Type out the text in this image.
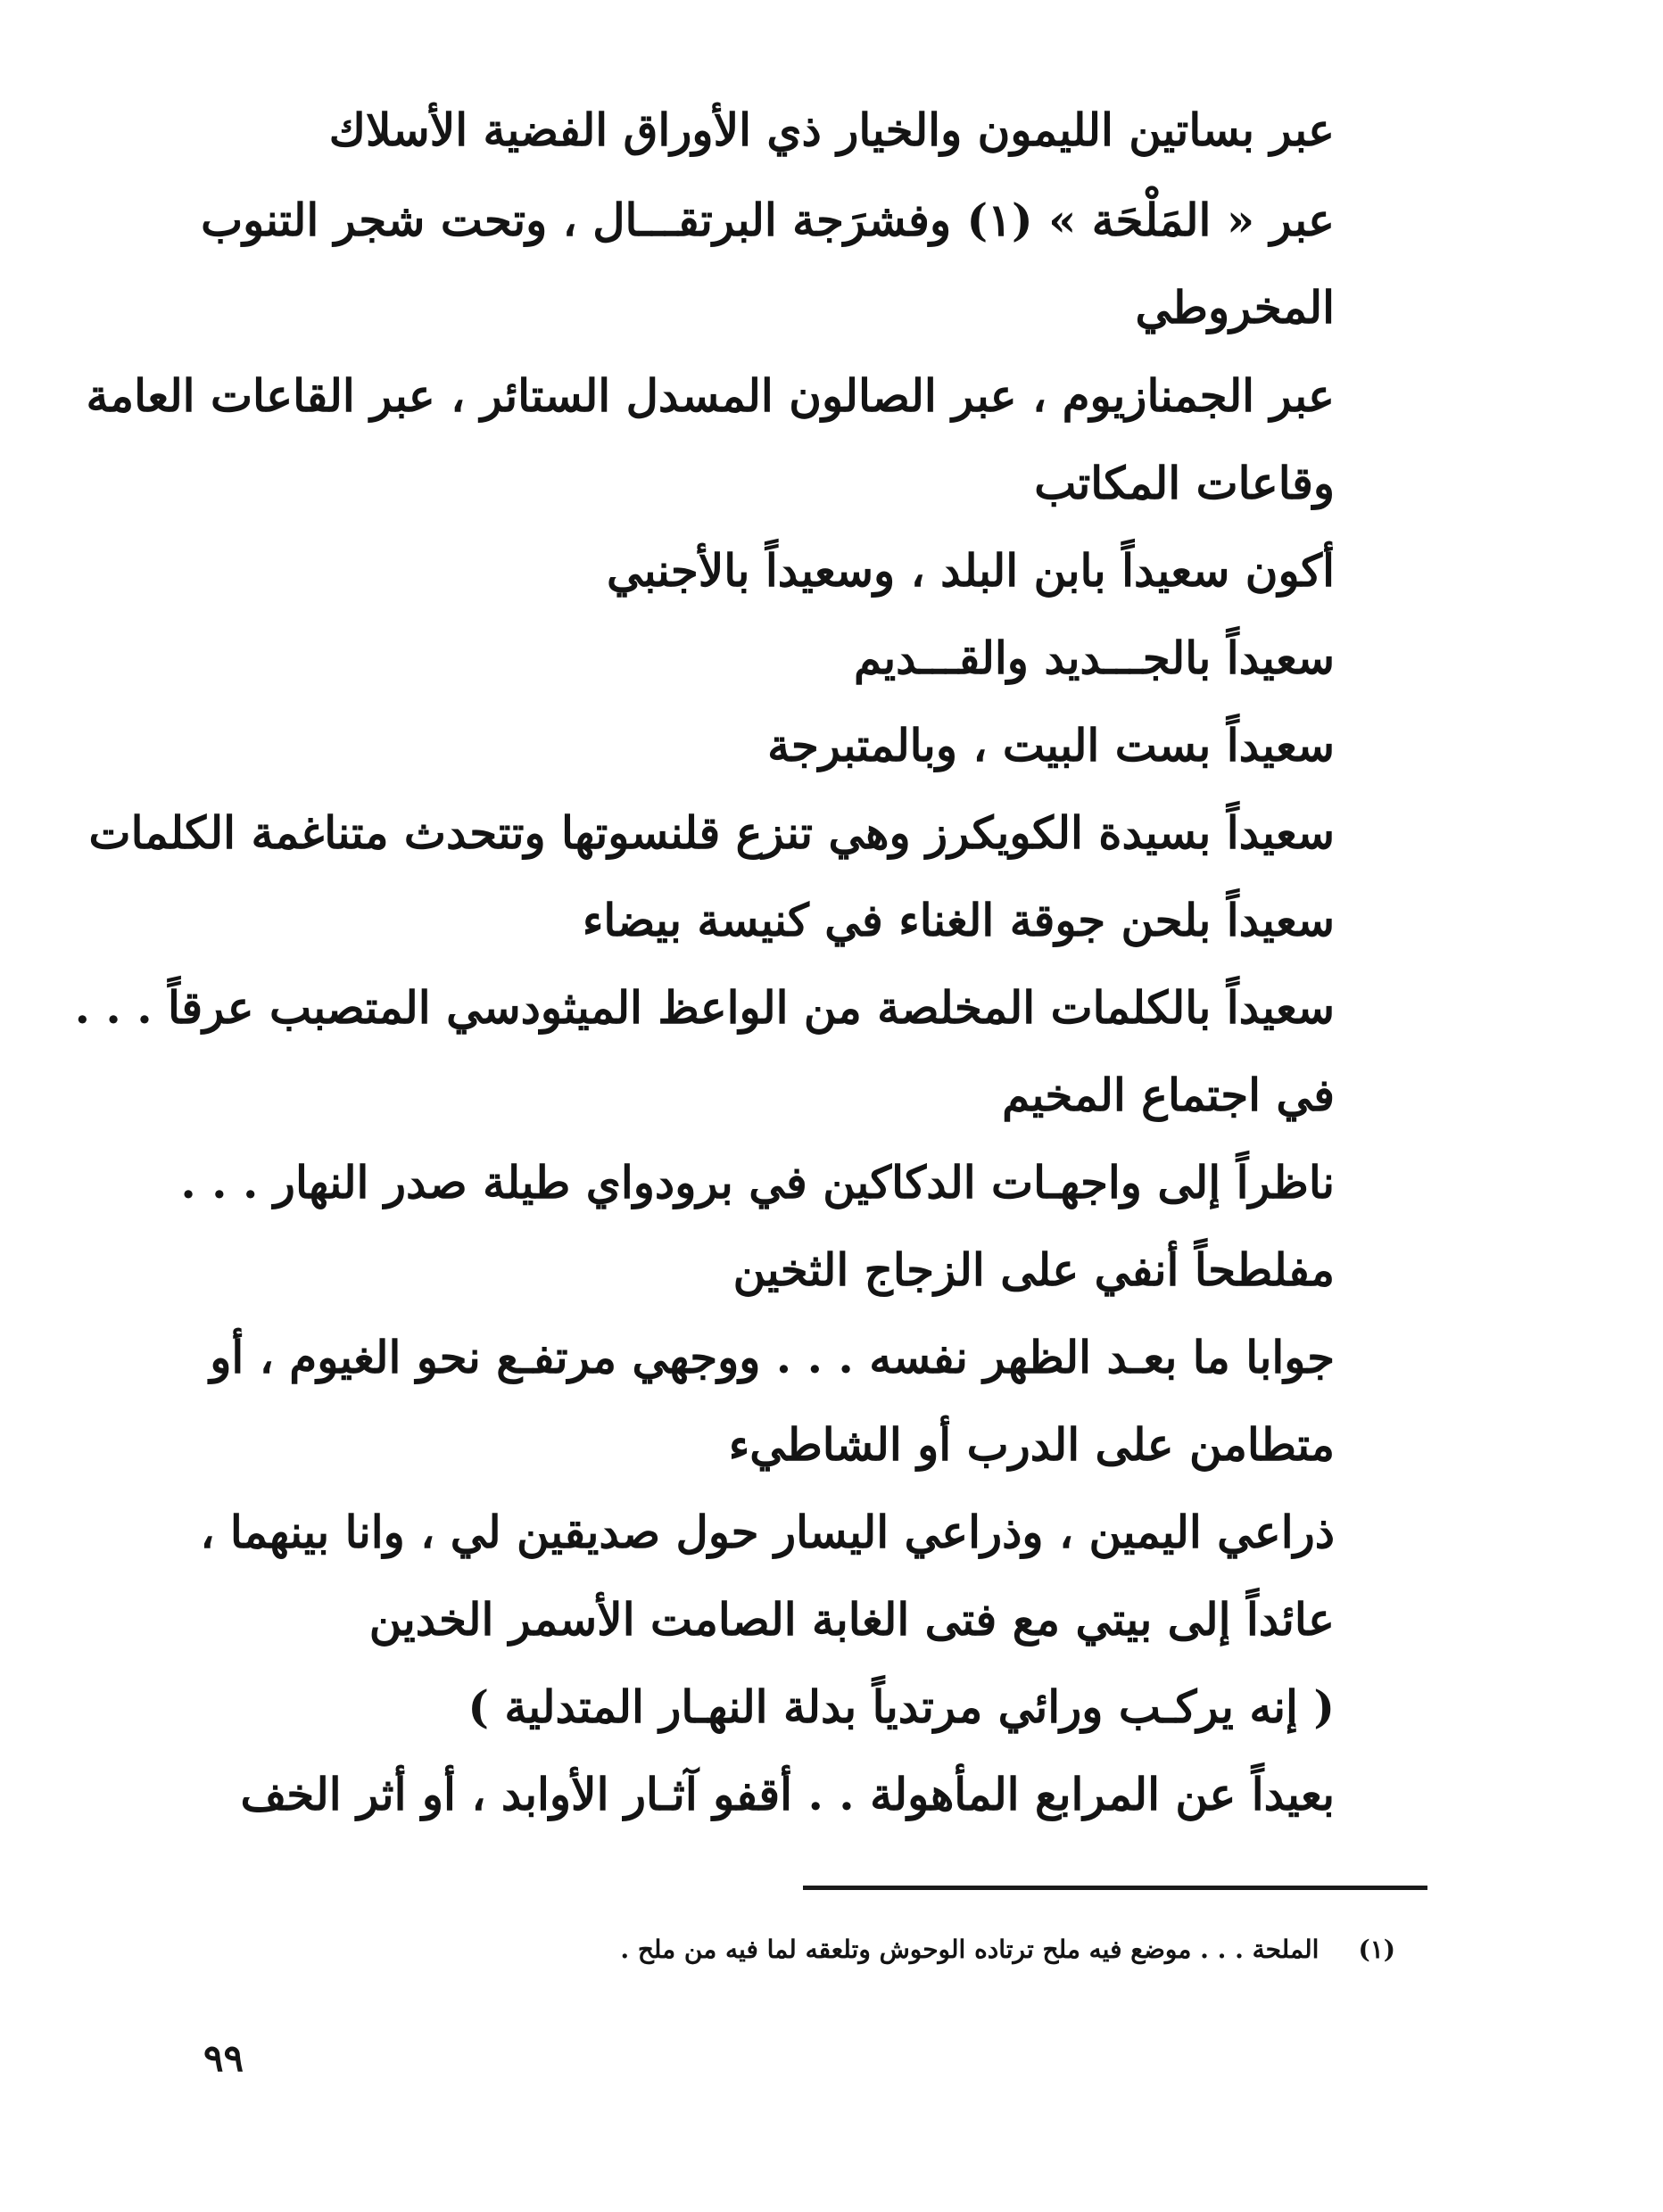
عبر بساتين الليمون والخيار ذي الأوراق الفضية الأسلاك
عبر « المَلْحَة » (١) وفشرَجة البرتقـــال ، وتحت شجر التنوب
المخروطي
عبر الجمنازيوم ، عبر الصالون المسدل الستائر ، عبر القاعات العامة
وقاعات المكاتب
أكون سعيداً بابن البلد ، وسعيداً بالأجنبي
سعيداً بالجـــديد والقـــديم
سعيداً بست البيت ، وبالمتبرجة
سعيداً بسيدة الكويكرز وهي تنزع قلنسوتها وتتحدث متناغمة الكلمات
سعيداً بلحن جوقة الغناء في كنيسة بيضاء
سعيداً بالكلمات المخلصة من الواعظ الميثودسي المتصبب عرقاً . . .
في اجتماع المخيم
ناظراً إلى واجهـات الدكاكين في برودواي طيلة صدر النهار . . .
مفلطحاً أنفي على الزجاج الثخين
جوابا ما بعـد الظهر نفسه . . . ووجهي مرتفـع نحو الغيوم ، أو
متطامن على الدرب أو الشاطيء
ذراعي اليمين ، وذراعي اليسار حول صديقين لي ، وانا بينهما ،
عائداً إلى بيتي مع فتى الغابة الصامت الأسمر الخدين
( إنه يركـب ورائي مرتدياً بدلة النهـار المتدلية )
بعيداً عن المرابع المأهولة . . أقفو آثـار الأوابد ، أو أثر الخف
(١)الملحة . . . موضع فيه ملح ترتاده الوحوش وتلعقه لما فيه من ملح .
٩٩
